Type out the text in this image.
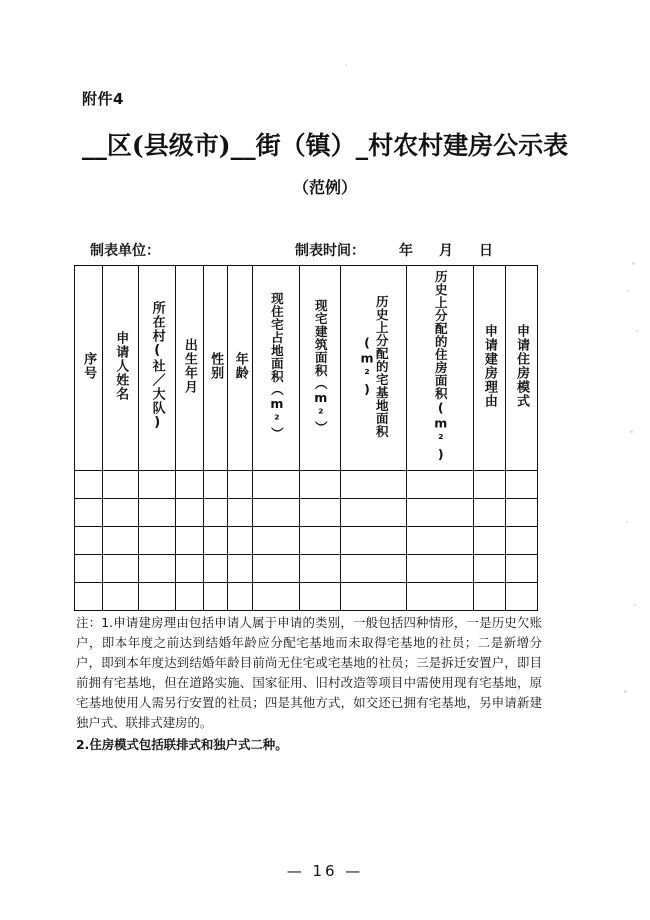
附件4
__区(县级市)__街（镇）_村农村建房公示表
（范例）
制表单位：	制表时间： 年 月 日
序号	申请人姓名	所在村(社／大队)	出生年月	性别	年龄	现住宅占地面积（m²）	现宅建筑面积（m²）	历史上分配的宅基地面积(m²)	历史上分配的住房面积(m²)	申请建房理由	申请住房模式

注：1.申请建房理由包括申请人属于申请的类别，一般包括四种情形，一是历史欠账户，即本年度之前达到结婚年龄应分配宅基地而未取得宅基地的社员；二是新增分户，即到本年度达到结婚年龄目前尚无住宅或宅基地的社员；三是拆迁安置户，即目前拥有宅基地，但在道路实施、国家征用、旧村改造等项目中需使用现有宅基地，原宅基地使用人需另行安置的社员；四是其他方式，如交还已拥有宅基地，另申请新建独户式、联排式建房的。

2.住房模式包括联排式和独户式二种。

— 16 —
